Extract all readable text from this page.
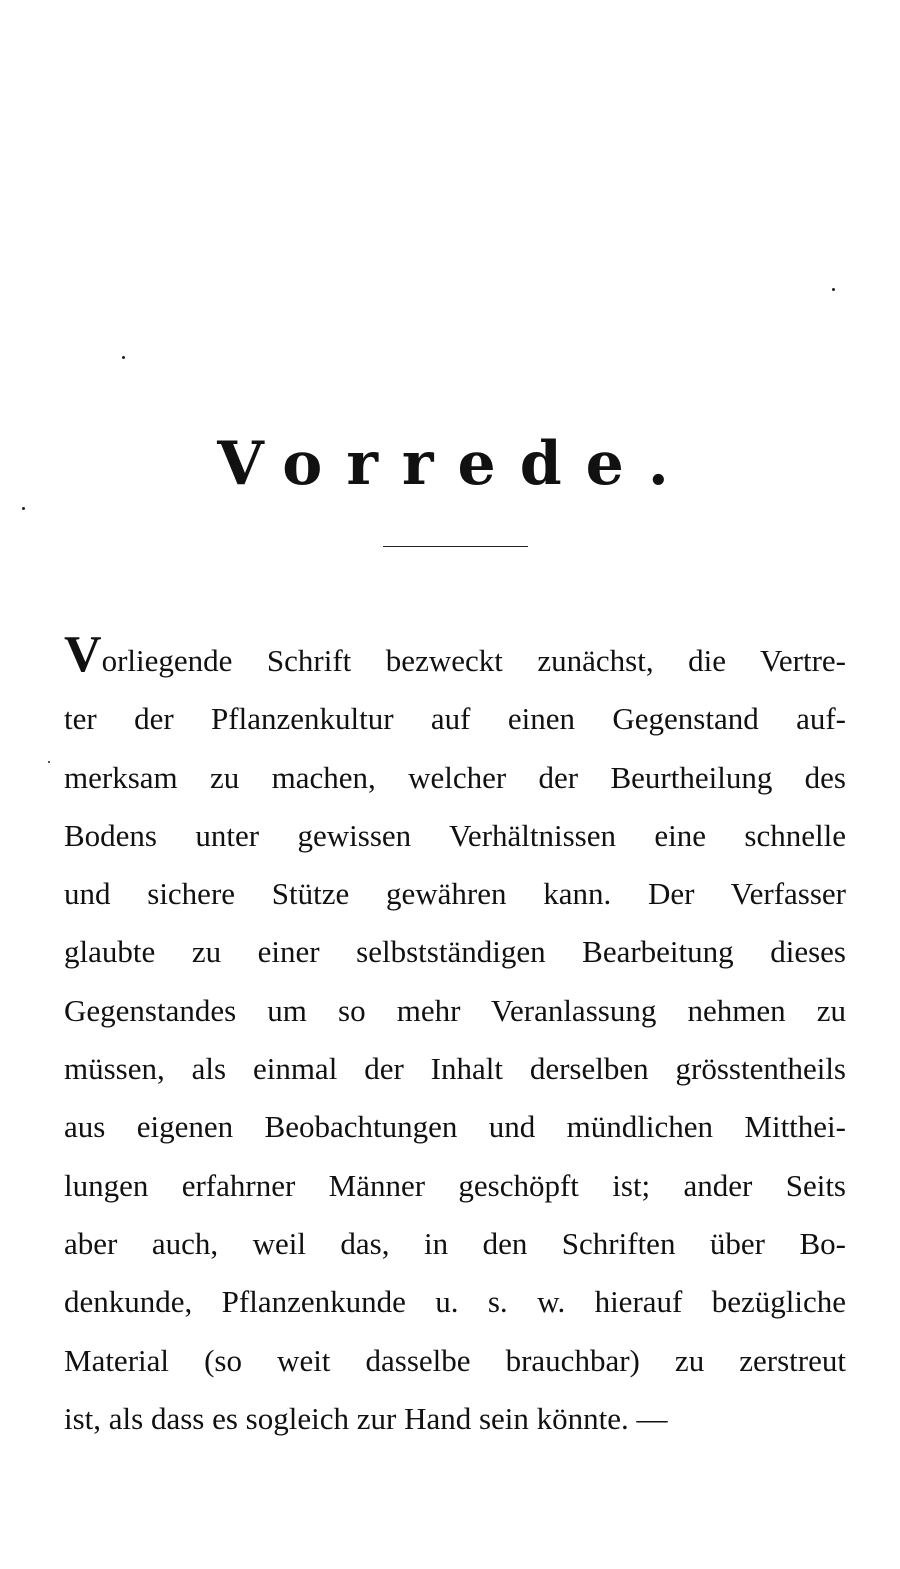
Vorrede.
Vorliegende Schrift bezweckt zunächst, die Vertre-
ter der Pflanzenkultur auf einen Gegenstand auf-
merksam zu machen, welcher der Beurtheilung des
Bodens unter gewissen Verhältnissen eine schnelle
und sichere Stütze gewähren kann. Der Verfasser
glaubte zu einer selbstständigen Bearbeitung dieses
Gegenstandes um so mehr Veranlassung nehmen zu
müssen, als einmal der Inhalt derselben grösstentheils
aus eigenen Beobachtungen und mündlichen Mitthei-
lungen erfahrner Männer geschöpft ist; ander Seits
aber auch, weil das, in den Schriften über Bo-
denkunde, Pflanzenkunde u. s. w. hierauf bezügliche
Material (so weit dasselbe brauchbar) zu zerstreut
ist, als dass es sogleich zur Hand sein könnte. —
